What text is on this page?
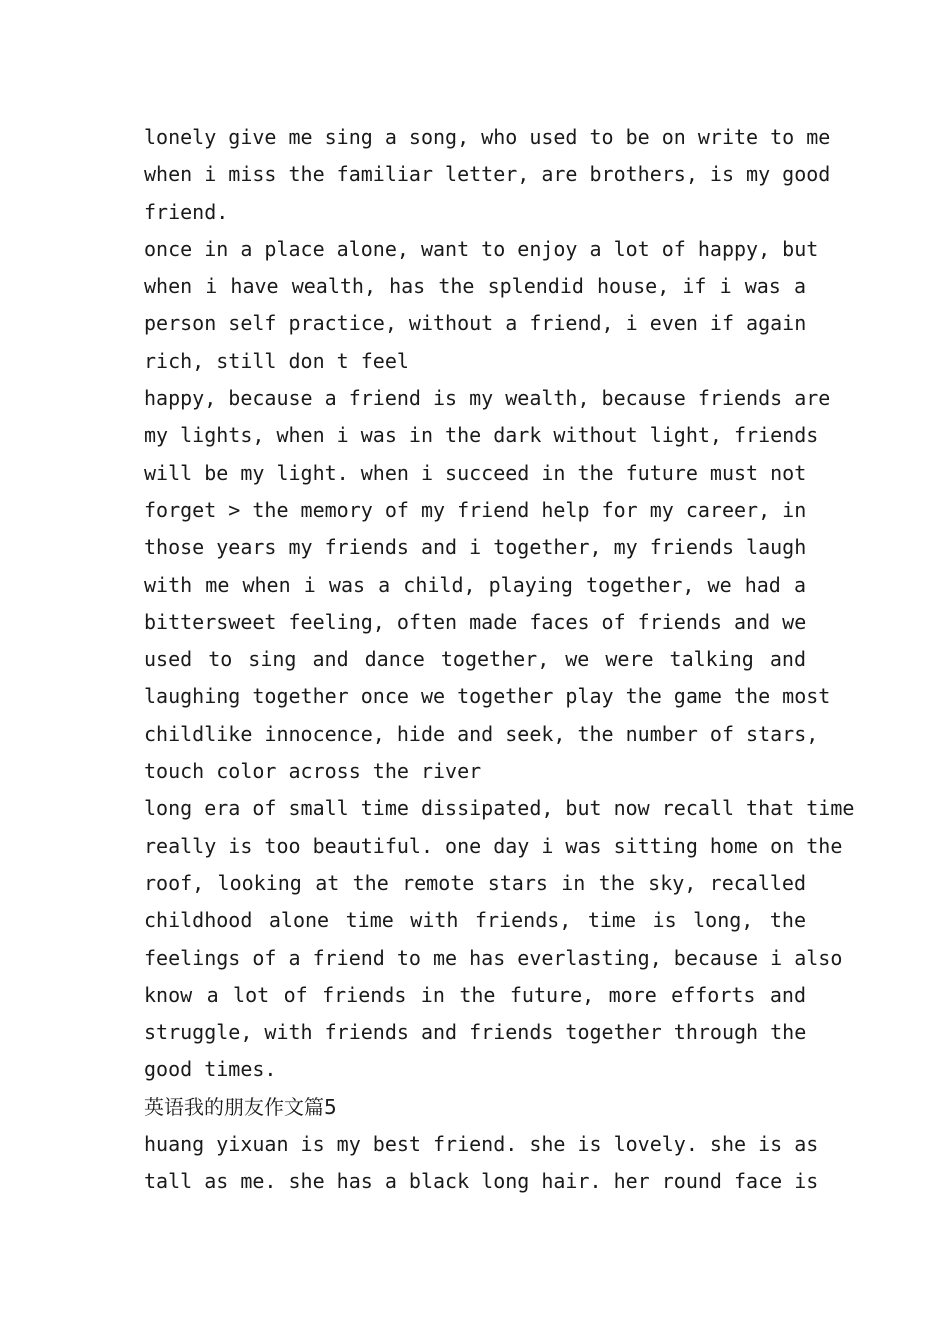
lonely give me sing a song, who used to be on write to me
when i miss the familiar letter, are brothers, is my good
friend.
once in a place alone, want to enjoy a lot of happy, but
when i have wealth, has the splendid house, if i was a
person self practice, without a friend, i even if again
rich, still don t feel
happy, because a friend is my wealth, because friends are
my lights, when i was in the dark without light, friends
will be my light. when i succeed in the future must not
forget > the memory of my friend help for my career, in
those years my friends and i together, my friends laugh
with me when i was a child, playing together, we had a
bittersweet feeling, often made faces of friends and we
used to sing and dance together, we were talking and
laughing together once we together play the game the most
childlike innocence, hide and seek, the number of stars,
touch color across the river
long era of small time dissipated, but now recall that time
really is too beautiful. one day i was sitting home on the
roof, looking at the remote stars in the sky, recalled
childhood alone time with friends, time is long, the
feelings of a friend to me has everlasting, because i also
know a lot of friends in the future, more efforts and
struggle, with friends and friends together through the
good times.
英语我的朋友作文篇5
huang yixuan is my best friend. she is lovely. she is as
tall as me. she has a black long hair. her round face is
